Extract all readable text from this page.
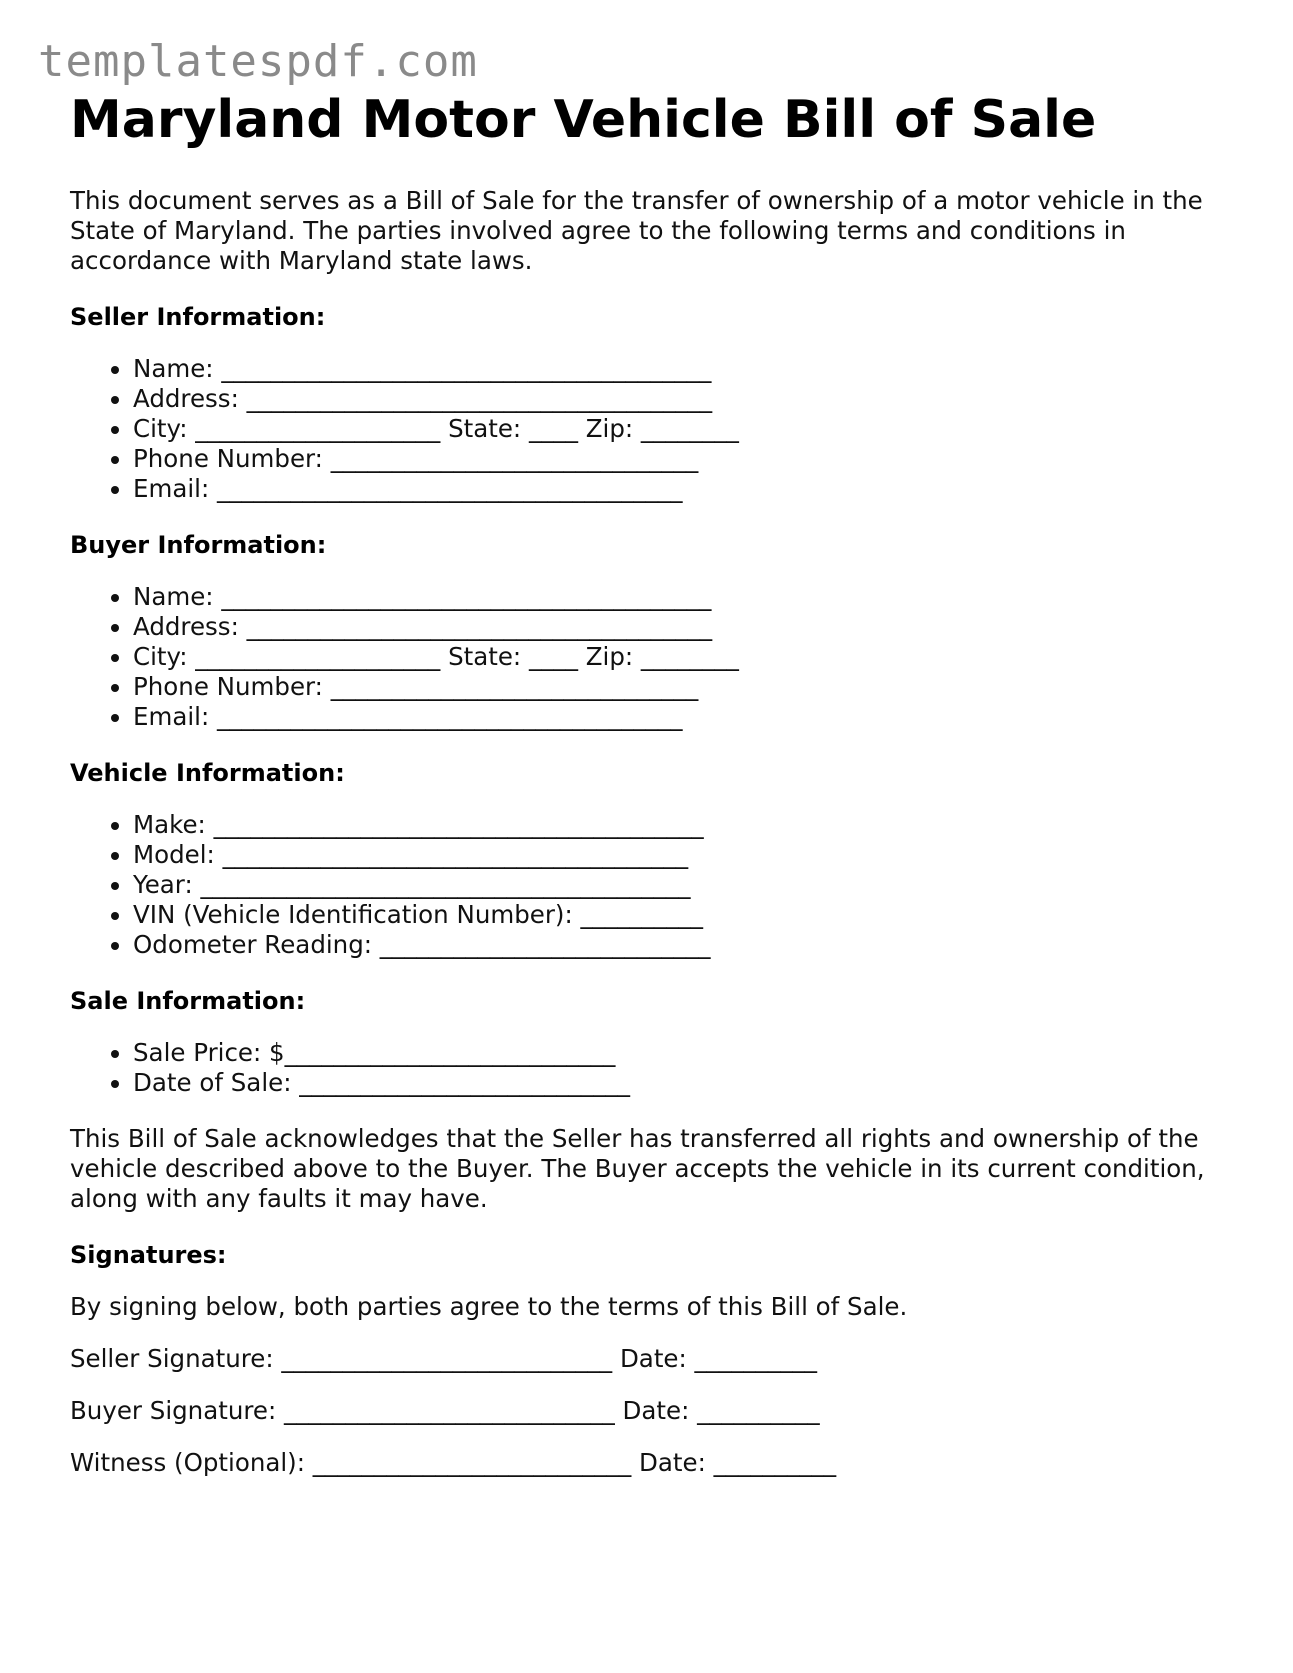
templatespdf.com
Maryland Motor Vehicle Bill of Sale

This document serves as a Bill of Sale for the transfer of ownership of a motor vehicle in the State of Maryland. The parties involved agree to the following terms and conditions in accordance with Maryland state laws.

Seller Information:
• Name: ________________________________________
• Address: ______________________________________
• City: ____________________ State: ____ Zip: ________
• Phone Number: ______________________________
• Email: ______________________________________
Buyer Information:
• Name: ________________________________________
• Address: ______________________________________
• City: ____________________ State: ____ Zip: ________
• Phone Number: ______________________________
• Email: ______________________________________
Vehicle Information:
• Make: ________________________________________
• Model: ______________________________________
• Year: ________________________________________
• VIN (Vehicle Identification Number): __________
• Odometer Reading: ___________________________
Sale Information:
• Sale Price: $___________________________
• Date of Sale: ___________________________

This Bill of Sale acknowledges that the Seller has transferred all rights and ownership of the vehicle described above to the Buyer. The Buyer accepts the vehicle in its current condition, along with any faults it may have.

Signatures:

By signing below, both parties agree to the terms of this Bill of Sale.

Seller Signature: ___________________________ Date: __________

Buyer Signature: ___________________________ Date: __________

Witness (Optional): __________________________ Date: __________
